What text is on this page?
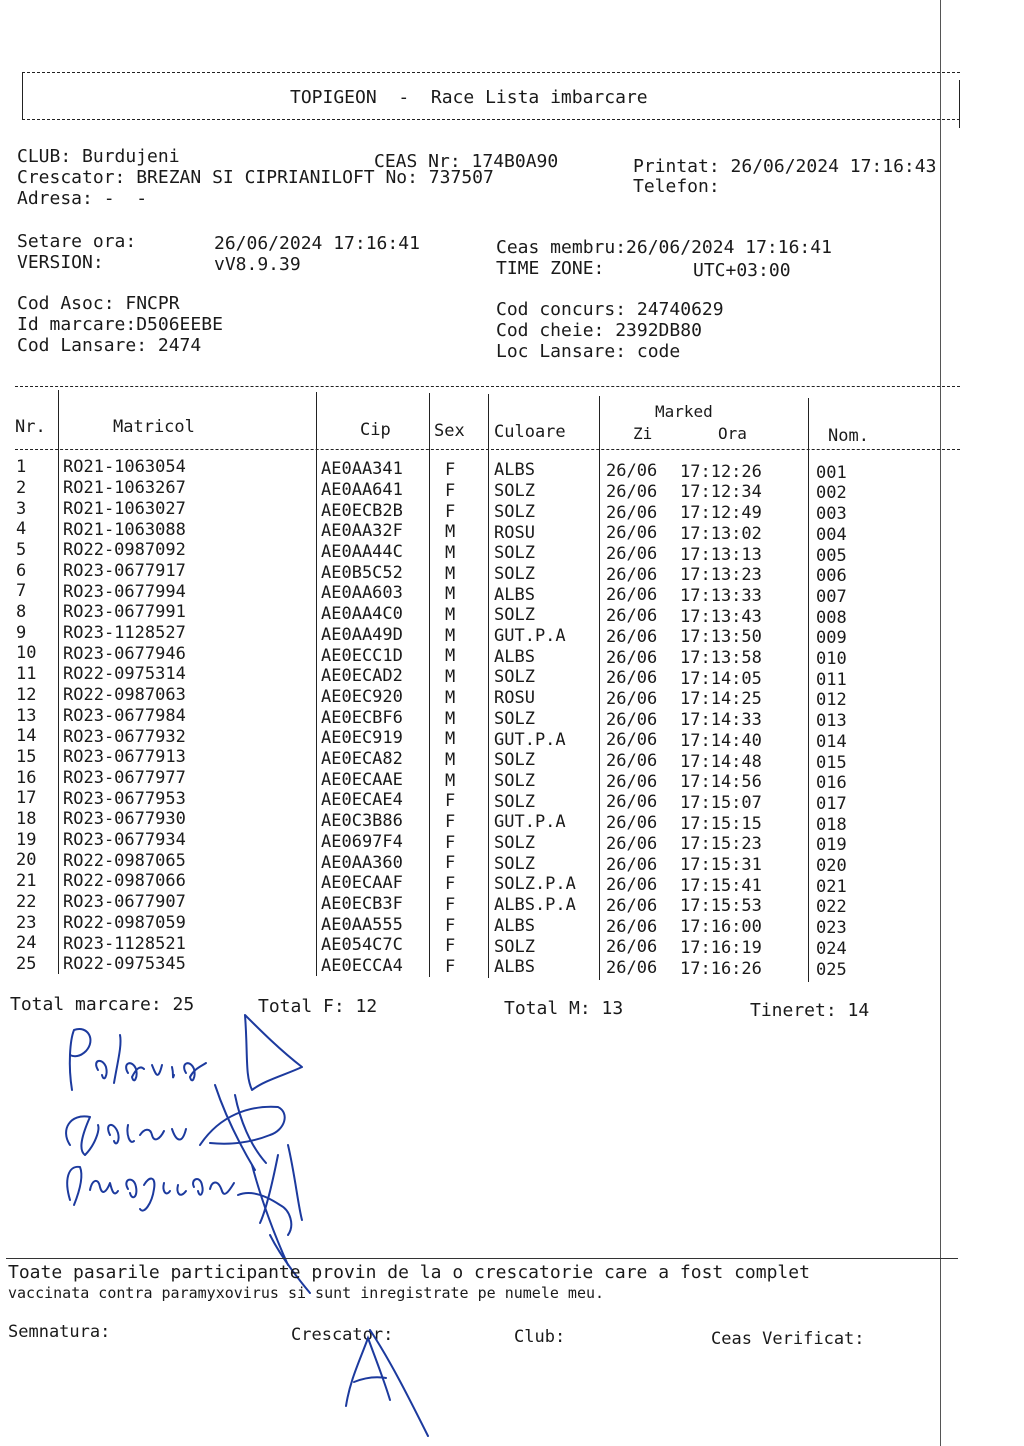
TOPIGEON  -  Race Lista imbarcare
CLUB: Burdujeni	CEAS Nr: 174B0A90	Printat: 26/06/2024 17:16:43
Crescator: BREZAN SI CIPRIANILOFT No: 737507	Telefon:
Adresa: -  -
Setare ora:	26/06/2024 17:16:41
VERSION:	vV8.9.39
Ceas membru:26/06/2024 17:16:41
TIME ZONE:	UTC+03:00
Cod Asoc: FNCPR
Id marcare:D506EEBE
Cod Lansare: 2474
Cod concurs: 24740629
Cod cheie: 2392DB80
Loc Lansare: code
Marked
Nr.	Matricol	Cip	Sex Culoare	Zi	Ora	Nom.
1 RO21-1063054	AE0AA341 F ALBS	26/06 17:12:26	001
2 RO21-1063267	AE0AA641 F SOLZ	26/06 17:12:34	002
3 RO21-1063027	AE0ECB2B F SOLZ	26/06 17:12:49	003
4 RO21-1063088	AE0AA32F M ROSU	26/06 17:13:02	004
5 RO22-0987092	AE0AA44C M SOLZ	26/06 17:13:13	005
6 RO23-0677917	AE0B5C52 M SOLZ	26/06 17:13:23	006
7 RO23-0677994	AE0AA603 M ALBS	26/06 17:13:33	007
8 RO23-0677991	AE0AA4C0 M SOLZ	26/06 17:13:43	008
9 RO23-1128527	AE0AA49D M GUT.P.A 26/06 17:13:50	009
10 RO23-0677946	AE0ECC1D M ALBS	26/06 17:13:58	010
11 RO22-0975314	AE0ECAD2 M SOLZ	26/06 17:14:05	011
12 RO22-0987063	AE0EC920 M ROSU	26/06 17:14:25	012
13 RO23-0677984	AE0ECBF6 M SOLZ	26/06 17:14:33	013
14 RO23-0677932	AE0EC919 M GUT.P.A 26/06 17:14:40	014
15 RO23-0677913	AE0ECA82 M SOLZ	26/06 17:14:48	015
16 RO23-0677977	AE0ECAAE M SOLZ	26/06 17:14:56	016
17 RO23-0677953	AE0ECAE4 F SOLZ	26/06 17:15:07	017
18 RO23-0677930	AE0C3B86 F GUT.P.A 26/06 17:15:15	018
19 RO23-0677934	AE0697F4 F SOLZ	26/06 17:15:23	019
20 RO22-0987065	AE0AA360 F SOLZ	26/06 17:15:31	020
21 RO22-0987066	AE0ECAAF F SOLZ.P.A 26/06 17:15:41	021
22 RO23-0677907	AE0ECB3F F ALBS.P.A 26/06 17:15:53	022
23 RO22-0987059	AE0AA555 F ALBS	26/06 17:16:00	023
24 RO23-1128521	AE054C7C F SOLZ	26/06 17:16:19	024
25 RO22-0975345	AE0ECCA4 F ALBS	26/06 17:16:26	025
Total marcare: 25	Total F: 12	Total M: 13	Tineret: 14
Toate pasarile participante provin de la o crescatorie care a fost complet
vaccinata contra paramyxovirus si sunt inregistrate pe numele meu.
Semnatura:	Crescator:	Club:	Ceas Verificat:
